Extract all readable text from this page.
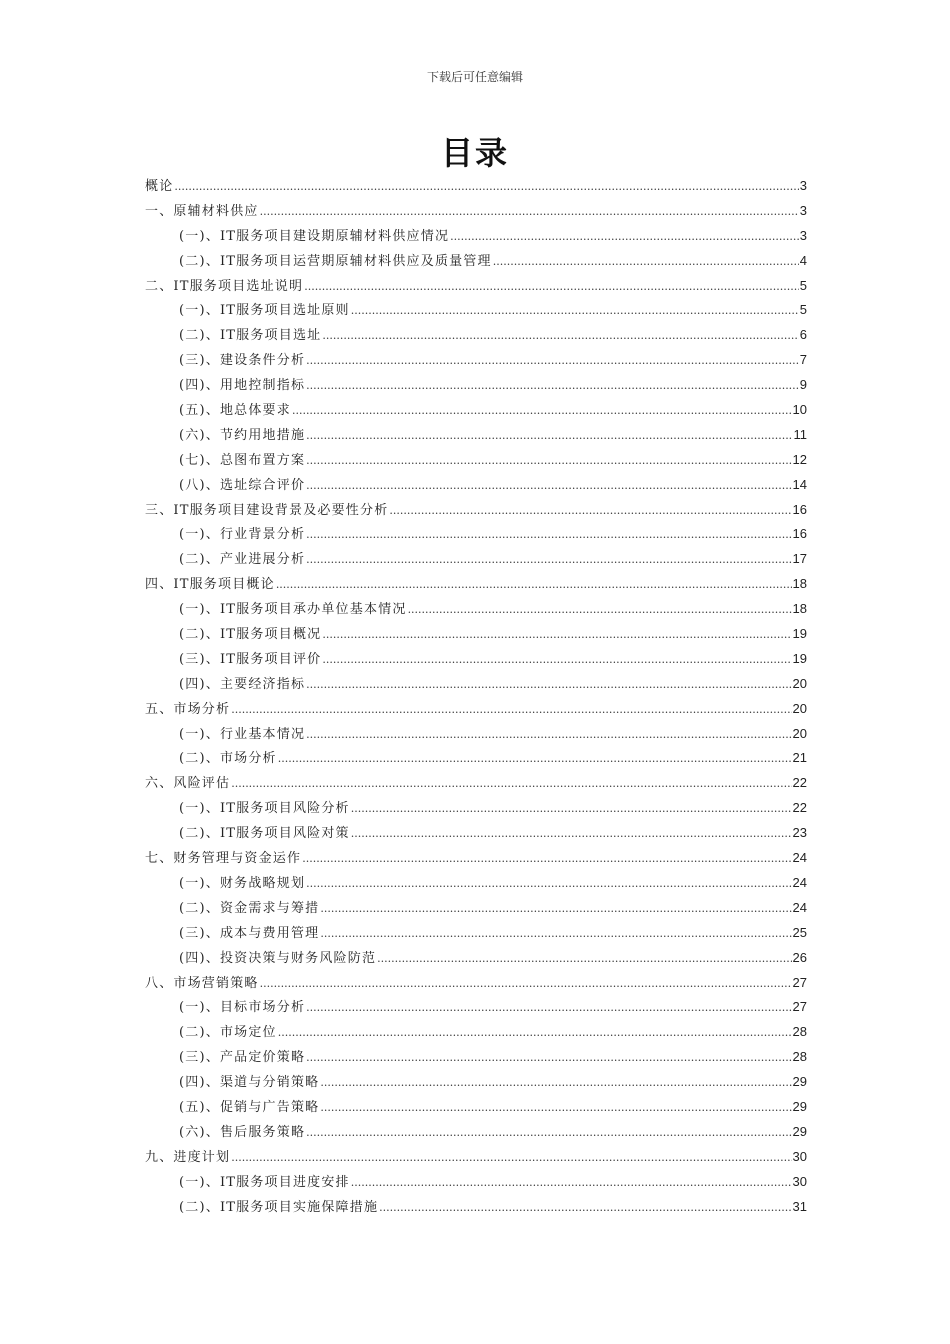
下载后可任意编辑
目录
概论 .....	3
一、原辅材料供应 .....	3
(一)、IT服务项目建设期原辅材料供应情况 .....	3
(二)、IT服务项目运营期原辅材料供应及质量管理 .....	4
二、IT服务项目选址说明 .....	5
(一)、IT服务项目选址原则 .....	5
(二)、IT服务项目选址 .....	6
(三)、建设条件分析 .....	7
(四)、用地控制指标 .....	9
(五)、地总体要求 .....	10
(六)、节约用地措施 .....	11
(七)、总图布置方案 .....	12
(八)、选址综合评价 .....	14
三、IT服务项目建设背景及必要性分析 .....	16
(一)、行业背景分析 .....	16
(二)、产业进展分析 .....	17
四、IT服务项目概论 .....	18
(一)、IT服务项目承办单位基本情况 .....	18
(二)、IT服务项目概况 .....	19
(三)、IT服务项目评价 .....	19
(四)、主要经济指标 .....	20
五、市场分析 .....	20
(一)、行业基本情况 .....	20
(二)、市场分析 .....	21
六、风险评估 .....	22
(一)、IT服务项目风险分析 .....	22
(二)、IT服务项目风险对策 .....	23
七、财务管理与资金运作 .....	24
(一)、财务战略规划 .....	24
(二)、资金需求与筹措 .....	24
(三)、成本与费用管理 .....	25
(四)、投资决策与财务风险防范 .....	26
八、市场营销策略 .....	27
(一)、目标市场分析 .....	27
(二)、市场定位 .....	28
(三)、产品定价策略 .....	28
(四)、渠道与分销策略 .....	29
(五)、促销与广告策略 .....	29
(六)、售后服务策略 .....	29
九、进度计划 .....	30
(一)、IT服务项目进度安排 .....	30
(二)、IT服务项目实施保障措施 .....	31
